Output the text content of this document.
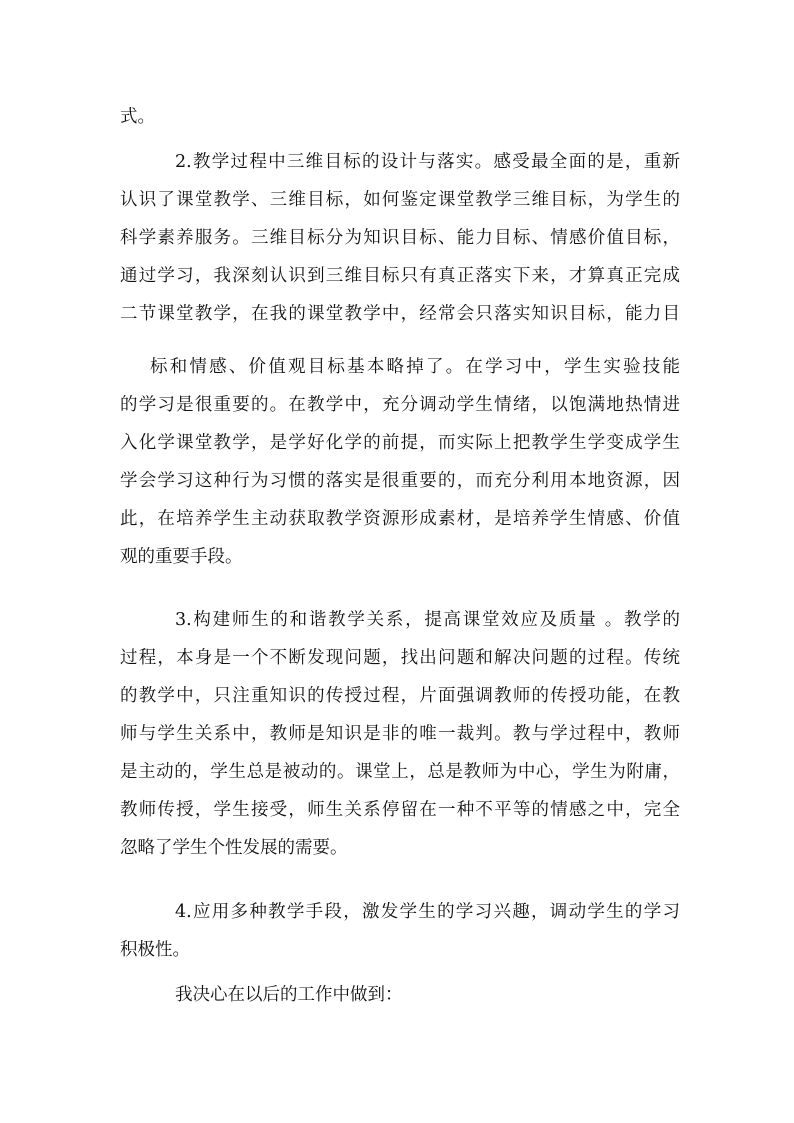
式。
2.教学过程中三维目标的设计与落实。感受最全面的是，重新
认识了课堂教学、三维目标，如何鉴定课堂教学三维目标，为学生的
科学素养服务。三维目标分为知识目标、能力目标、情感价值目标，
通过学习，我深刻认识到三维目标只有真正落实下来，才算真正完成
二节课堂教学，在我的课堂教学中，经常会只落实知识目标，能力目
标和情感、价值观目标基本略掉了。在学习中，学生实验技能
的学习是很重要的。在教学中，充分调动学生情绪，以饱满地热情进
入化学课堂教学，是学好化学的前提，而实际上把教学生学变成学生
学会学习这种行为习惯的落实是很重要的，而充分利用本地资源，因
此，在培养学生主动获取教学资源形成素材，是培养学生情感、价值
观的重要手段。
3.构建师生的和谐教学关系，提高课堂效应及质量 。教学的
过程，本身是一个不断发现问题，找出问题和解决问题的过程。传统
的教学中，只注重知识的传授过程，片面强调教师的传授功能，在教
师与学生关系中，教师是知识是非的唯一裁判。教与学过程中，教师
是主动的，学生总是被动的。课堂上，总是教师为中心，学生为附庸，
教师传授，学生接受，师生关系停留在一种不平等的情感之中，完全
忽略了学生个性发展的需要。
4.应用多种教学手段，激发学生的学习兴趣，调动学生的学习
积极性。
我决心在以后的工作中做到：
